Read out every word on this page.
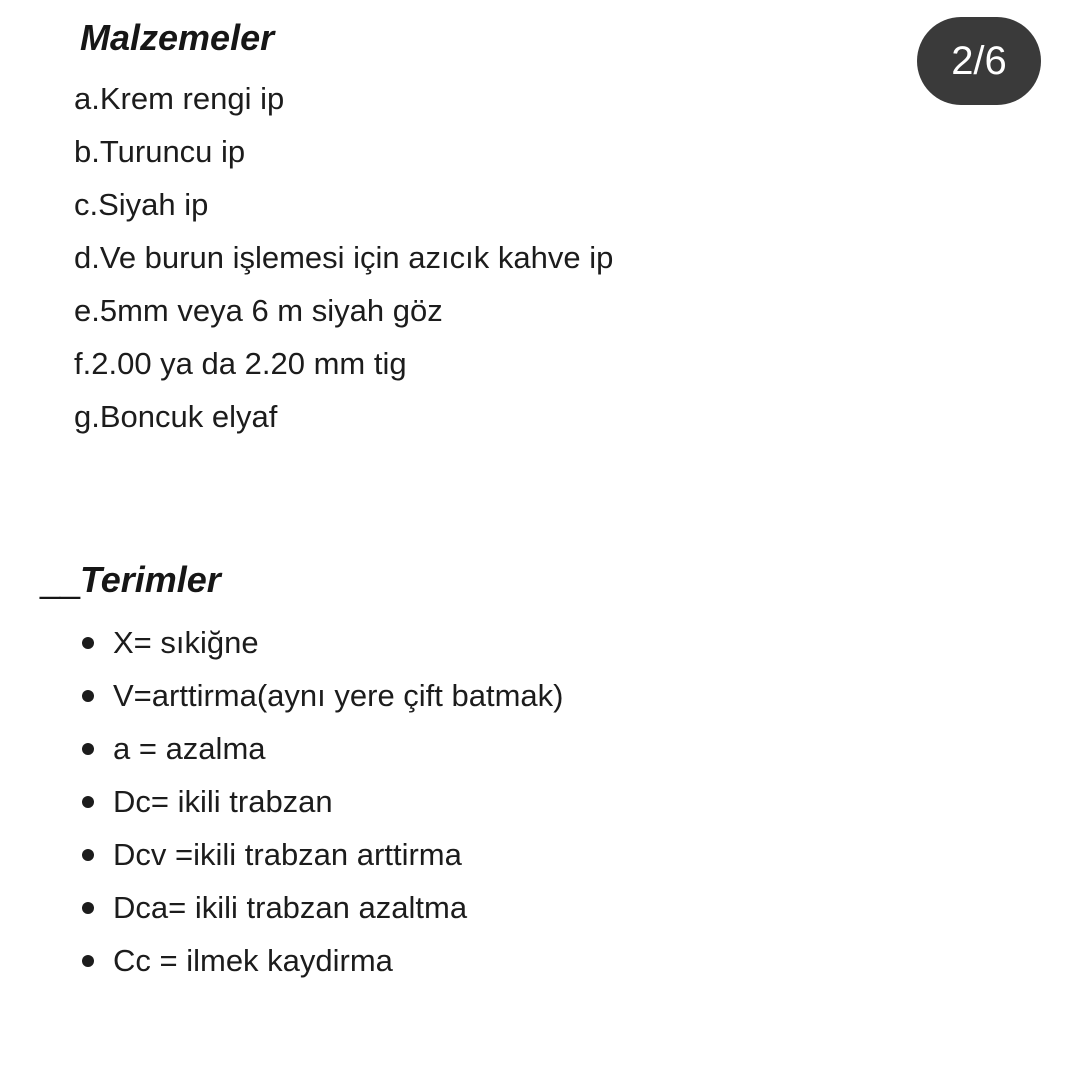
2/6
Malzemeler
a.Krem rengi ip
b.Turuncu ip
c.Siyah ip
d.Ve burun işlemesi için azıcık kahve ip
e.5mm veya 6 m siyah göz
f.2.00 ya da 2.20 mm tig
g.Boncuk elyaf
__Terimler
X= sıkiğne
V=arttirma(aynı yere çift batmak)
a = azalma
Dc= ikili trabzan
Dcv =ikili trabzan arttirma
Dca= ikili trabzan azaltma
Cc = ilmek kaydirma
